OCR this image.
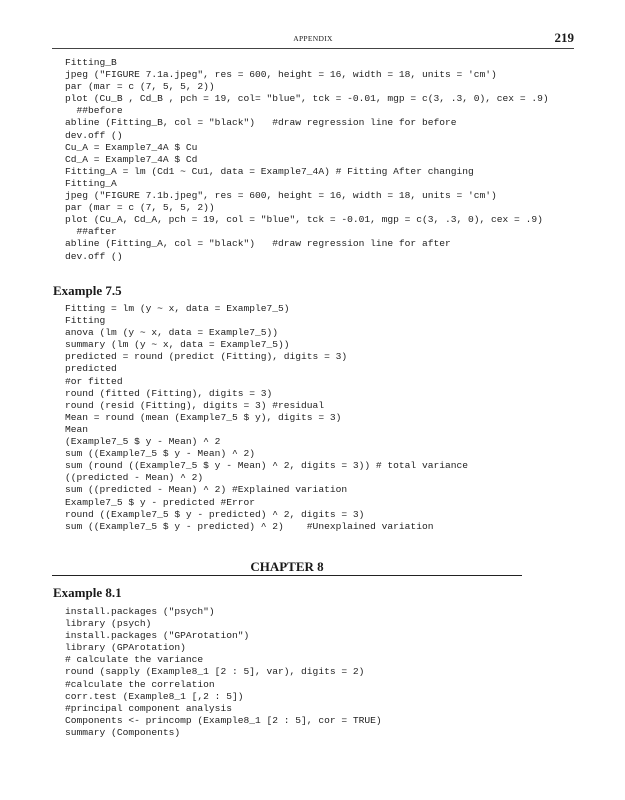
APPENDIX	219
Fitting_B
jpeg ("FIGURE 7.1a.jpeg", res = 600, height = 16, width = 18, units = 'cm')
par (mar = c (7, 5, 5, 2))
plot (Cu_B , Cd_B , pch = 19, col= "blue", tck = -0.01, mgp = c(3, .3, 0), cex = .9)
##before
abline (Fitting_B, col = "black")   #draw regression line for before
dev.off ()
Cu_A = Example7_4A $ Cu
Cd_A = Example7_4A $ Cd
Fitting_A = lm (Cd1 ~ Cu1, data = Example7_4A) # Fitting After changing
Fitting_A
jpeg ("FIGURE 7.1b.jpeg", res = 600, height = 16, width = 18, units = 'cm')
par (mar = c (7, 5, 5, 2))
plot (Cu_A, Cd_A, pch = 19, col = "blue", tck = -0.01, mgp = c(3, .3, 0), cex = .9)
##after
abline (Fitting_A, col = "black")   #draw regression line for after
dev.off ()
Example 7.5
Fitting = lm (y ~ x, data = Example7_5)
Fitting
anova (lm (y ~ x, data = Example7_5))
summary (lm (y ~ x, data = Example7_5))
predicted = round (predict (Fitting), digits = 3)
predicted
#or fitted
round (fitted (Fitting), digits = 3)
round (resid (Fitting), digits = 3) #residual
Mean = round (mean (Example7_5 $ y), digits = 3)
Mean
(Example7_5 $ y - Mean) ^ 2
sum ((Example7_5 $ y - Mean) ^ 2)
sum (round ((Example7_5 $ y - Mean) ^ 2, digits = 3)) # total variance
((predicted - Mean) ^ 2)
sum ((predicted - Mean) ^ 2) #Explained variation
Example7_5 $ y - predicted #Error
round ((Example7_5 $ y - predicted) ^ 2, digits = 3)
sum ((Example7_5 $ y - predicted) ^ 2)    #Unexplained variation
CHAPTER 8
Example 8.1
install.packages ("psych")
library (psych)
install.packages ("GPArotation")
library (GPArotation)
# calculate the variance
round (sapply (Example8_1 [2 : 5], var), digits = 2)
#calculate the correlation
corr.test (Example8_1 [,2 : 5])
#principal component analysis
Components <- princomp (Example8_1 [2 : 5], cor = TRUE)
summary (Components)
